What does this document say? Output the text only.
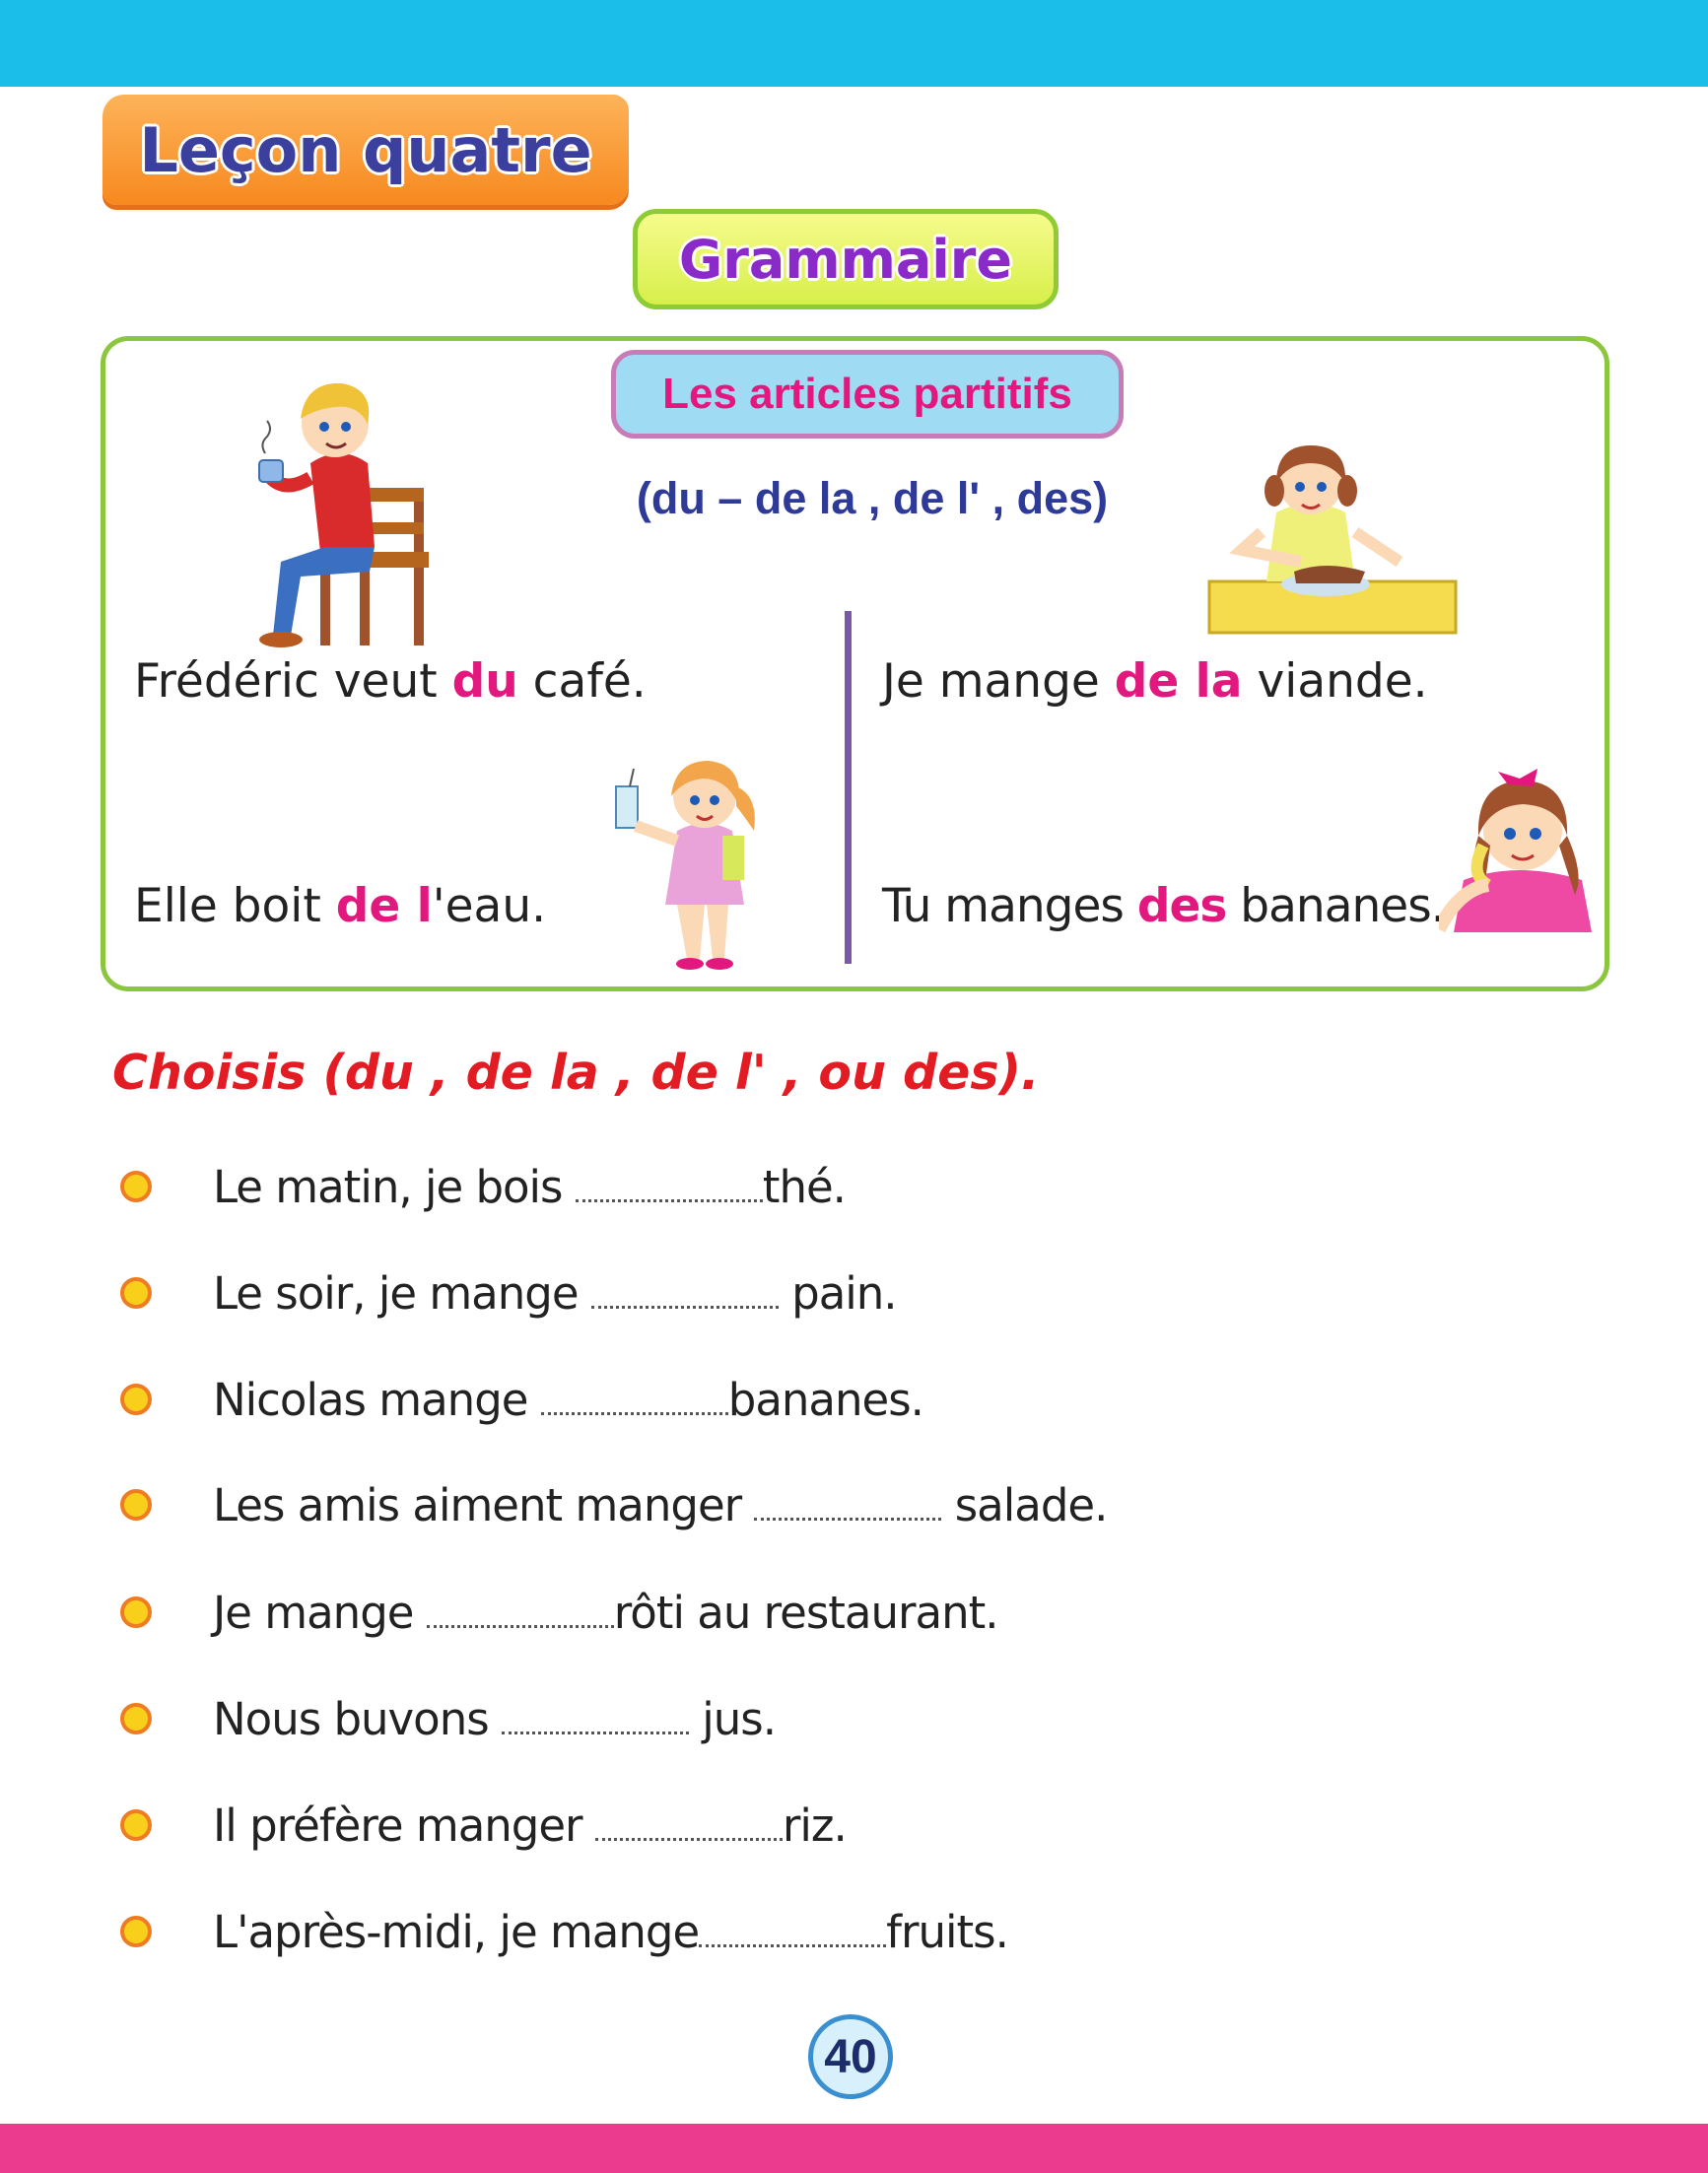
Leçon quatre
Grammaire
Les articles partitifs
(du – de la , de l' , des)
Frédéric veut du café.	Je mange de la viande.
Elle boit de l'eau.	Tu manges des bananes.
Choisis (du , de la , de l' , ou des).
Le matin, je bois	thé.
Le soir, je mange	pain.
Nicolas mange	bananes.
Les amis aiment manger	salade.
Je mange	rôti au restaurant.
Nous buvons	jus.
Il préfère manger	riz.
L'après-midi, je mange	fruits.
40
